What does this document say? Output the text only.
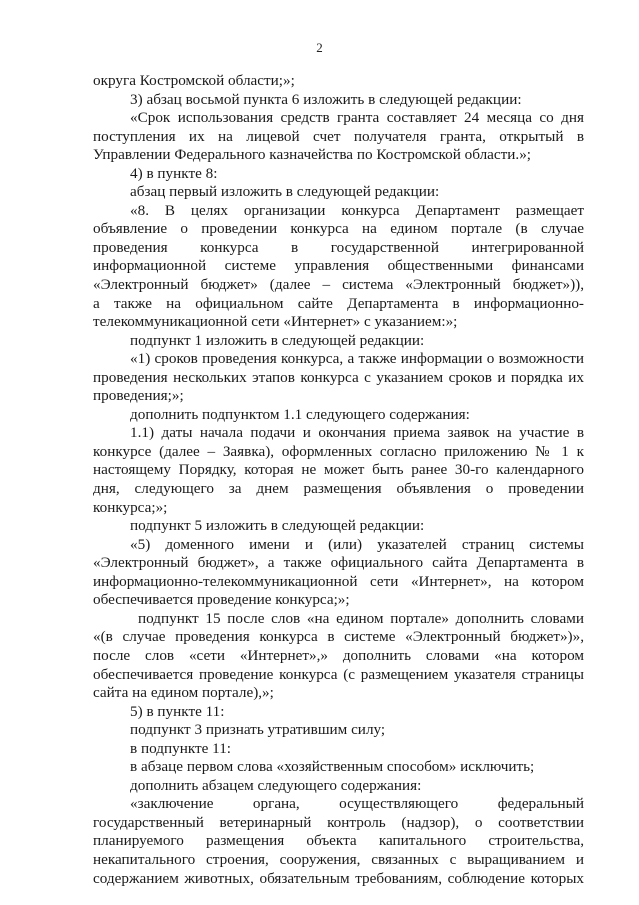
2

округа Костромской области;»;

3) абзац восьмой пункта 6 изложить в следующей редакции:

«Срок использования средств гранта составляет 24 месяца со дня

поступления их на лицевой счет получателя гранта, открытый в

Управлении Федерального казначейства по Костромской области.»;

4) в пункте 8:

абзац первый изложить в следующей редакции:

«8. В целях организации конкурса Департамент размещает

объявление о проведении конкурса на едином портале (в случае

проведения конкурса в государственной интегрированной

информационной системе управления общественными финансами

«Электронный бюджет» (далее – система «Электронный бюджет»)),

а также на официальном сайте Департамента в информационно-

телекоммуникационной сети «Интернет» с указанием:»;

подпункт 1 изложить в следующей редакции:

«1) сроков проведения конкурса, а также информации о возможности

проведения нескольких этапов конкурса с указанием сроков и порядка их

проведения;»;

дополнить подпунктом 1.1 следующего содержания:

1.1) даты начала подачи и окончания приема заявок на участие в

конкурсе (далее – Заявка), оформленных согласно приложению № 1 к

настоящему Порядку, которая не может быть ранее 30-го календарного

дня, следующего за днем размещения объявления о проведении

конкурса;»;

подпункт 5 изложить в следующей редакции:

«5) доменного имени и (или) указателей страниц системы

«Электронный бюджет», а также официального сайта Департамента в

информационно-телекоммуникационной сети «Интернет», на котором

обеспечивается проведение конкурса;»;

подпункт 15 после слов «на едином портале» дополнить словами

«(в случае проведения конкурса в системе «Электронный бюджет»)»,

после слов «сети «Интернет»,» дополнить словами «на котором

обеспечивается проведение конкурса (с размещением указателя страницы

сайта на едином портале),»;

5) в пункте 11:

подпункт 3 признать утратившим силу;

в подпункте 11:

в абзаце первом слова «хозяйственным способом» исключить;

дополнить абзацем следующего содержания:

«заключение органа, осуществляющего федеральный

государственный ветеринарный контроль (надзор), о соответствии

планируемого размещения объекта капитального строительства,

некапитального строения, сооружения, связанных с выращиванием и

содержанием животных, обязательным требованиям, соблюдение которых
